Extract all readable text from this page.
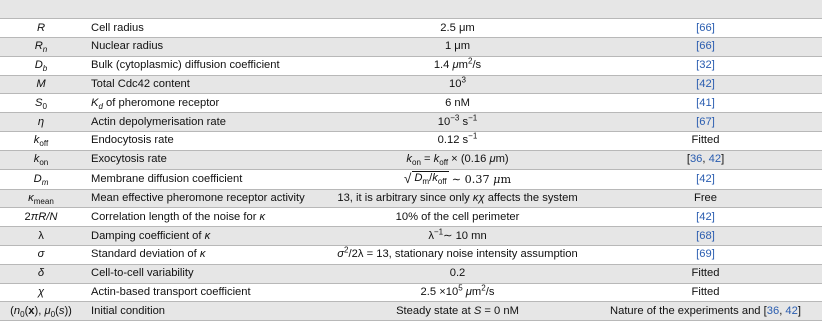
R	Cell radius	2.5 μm	[66]
$R_n$	Nuclear radius	1 μm	[66]
$D_b$	Bulk (cytoplasmic) diffusion coefficient	1.4 $\mu m^2/s$	[32]
M	Total Cdc42 content	$10^3$	[42]
$S_0$	$K_d$ of pheromone receptor	6 nM	[41]
η	Actin depolymerisation rate	$10^{-3}$ $s^{-1}$	[67]
$k_{off}$	Endocytosis rate	0.12 $s^{-1}$	Fitted
$k_{on}$	Exocytosis rate	$k_{on} = k_{off} \times (0.16$ μm)	[36, 42]
$D_m$	Membrane diffusion coefficient	√ $D_m/k_{off}$ ∼ 0.37 μm	[42]
$\kappa_{mean}$	Mean effective pheromone receptor activity	13, it is arbitrary since only κχ affects the system	Free
2πR/N	Correlation length of the noise for κ	10% of the cell perimeter	[42]
λ	Damping coefficient of κ	$\lambda^{-1}\sim$ 10 mn	[68]
σ	Standard deviation of κ	$\sigma^2/2\lambda = 13$, stationary noise intensity assumption	[69]
δ	Cell-to-cell variability	0.2	Fitted
χ	Actin-based transport coefficient	$2.5 \times 10^5$ $\mu m^2/s$	Fitted
($n_0(x)$, $\mu_0(s)$)	Initial condition	Steady state at S = 0 nM	Nature of the experiments and [36, 42]
